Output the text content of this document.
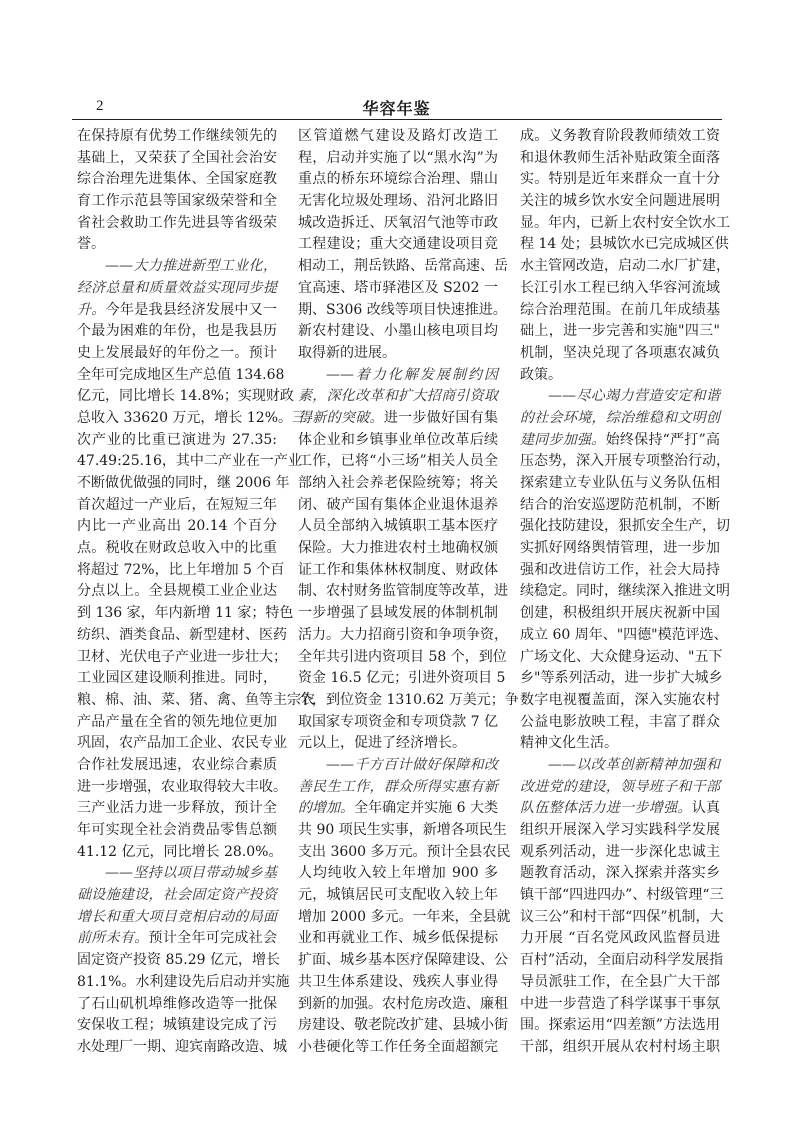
2	华容年鉴
在保持原有优势工作继续领先的
基础上，又荣获了全国社会治安
综合治理先进集体、全国家庭教
育工作示范县等国家级荣誉和全
省社会救助工作先进县等省级荣
誉。
——大力推进新型工业化，
经济总量和质量效益实现同步提
升。今年是我县经济发展中又一
个最为困难的年份，也是我县历
史上发展最好的年份之一。预计
全年可完成地区生产总值 134.68
亿元，同比增长 14.8%；实现财政
总收入 33620 万元，增长 12%。三
次产业的比重已演进为 27.35:
47.49:25.16，其中二产业在一产业
不断做优做强的同时，继 2006 年
首次超过一产业后，在短短三年
内比一产业高出 20.14 个百分
点。税收在财政总收入中的比重
将超过 72%，比上年增加 5 个百
分点以上。全县规模工业企业达
到 136 家，年内新增 11 家；特色
纺织、酒类食品、新型建材、医药
卫材、光伏电子产业进一步壮大；
工业园区建设顺利推进。同时，
粮、棉、油、菜、猪、禽、鱼等主宗农
产品产量在全省的领先地位更加
巩固，农产品加工企业、农民专业
合作社发展迅速，农业综合素质
进一步增强，农业取得较大丰收。
三产业活力进一步释放，预计全
年可实现全社会消费品零售总额
41.12 亿元，同比增长 28.0%。
——坚持以项目带动城乡基
础设施建设，社会固定资产投资
增长和重大项目竞相启动的局面
前所未有。预计全年可完成社会
固定资产投资 85.29 亿元，增长
81.1%。水利建设先后启动并实施
了石山矶机埠维修改造等一批保
安保收工程；城镇建设完成了污
水处理厂一期、迎宾南路改造、城
区管道燃气建设及路灯改造工
程，启动并实施了以“黑水沟”为
重点的桥东环境综合治理、鼎山
无害化垃圾处理场、沿河北路旧
城改造拆迁、厌氧沼气池等市政
工程建设；重大交通建设项目竞
相动工，荆岳铁路、岳常高速、岳
宜高速、塔市驿港区及 S202 一
期、S306 改线等项目快速推进。
新农村建设、小墨山核电项目均
取得新的进展。
——着力化解发展制约因
素，深化改革和扩大招商引资取
得新的突破。进一步做好国有集
体企业和乡镇事业单位改革后续
工作，已将“小三场”相关人员全
部纳入社会养老保险统筹；将关
闭、破产国有集体企业退休退养
人员全部纳入城镇职工基本医疗
保险。大力推进农村土地确权颁
证工作和集体林权制度、财政体
制、农村财务监管制度等改革，进
一步增强了县域发展的体制机制
活力。大力招商引资和争项争资，
全年共引进内资项目 58 个，到位
资金 16.5 亿元；引进外资项目 5
个，到位资金 1310.62 万美元；争
取国家专项资金和专项贷款 7 亿
元以上，促进了经济增长。
——千方百计做好保障和改
善民生工作，群众所得实惠有新
的增加。全年确定并实施 6 大类
共 90 项民生实事，新增各项民生
支出 3600 多万元。预计全县农民
人均纯收入较上年增加 900 多
元，城镇居民可支配收入较上年
增加 2000 多元。一年来，全县就
业和再就业工作、城乡低保提标
扩面、城乡基本医疗保障建设、公
共卫生体系建设、残疾人事业得
到新的加强。农村危房改造、廉租
房建设、敬老院改扩建、县城小街
小巷硬化等工作任务全面超额完
成。义务教育阶段教师绩效工资
和退休教师生活补贴政策全面落
实。特别是近年来群众一直十分
关注的城乡饮水安全问题进展明
显。年内，已新上农村安全饮水工
程 14 处；县城饮水已完成城区供
水主管网改造，启动二水厂扩建，
长江引水工程已纳入华容河流域
综合治理范围。在前几年成绩基
础上，进一步完善和实施"四三"
机制，坚决兑现了各项惠农减负
政策。
——尽心竭力营造安定和谐
的社会环境，综治维稳和文明创
建同步加强。始终保持“严打”高
压态势，深入开展专项整治行动，
探索建立专业队伍与义务队伍相
结合的治安巡逻防范机制，不断
强化技防建设，狠抓安全生产，切
实抓好网络舆情管理，进一步加
强和改进信访工作，社会大局持
续稳定。同时，继续深入推进文明
创建，积极组织开展庆祝新中国
成立 60 周年、"四德"模范评选、
广场文化、大众健身运动、"五下
乡"等系列活动，进一步扩大城乡
数字电视覆盖面，深入实施农村
公益电影放映工程，丰富了群众
精神文化生活。
——以改革创新精神加强和
改进党的建设，领导班子和干部
队伍整体活力进一步增强。认真
组织开展深入学习实践科学发展
观系列活动，进一步深化忠诚主
题教育活动，深入探索并落实乡
镇干部“四进四办”、村级管理“三
议三公”和村干部“四保”机制，大
力开展 “百名党风政风监督员进
百村”活动，全面启动科学发展指
导员派驻工作，在全县广大干部
中进一步营造了科学谋事干事氛
围。探索运用“四差额”方法选用
干部，组织开展从农村村场主职
